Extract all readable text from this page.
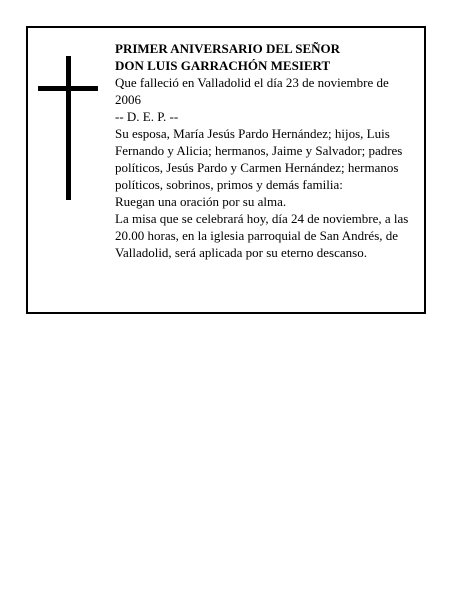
PRIMER ANIVERSARIO DEL SEÑOR
DON LUIS GARRACHÓN MESIERT
Que falleció en Valladolid el día 23 de noviembre de 2006
-- D. E. P. --
Su esposa, María Jesús Pardo Hernández; hijos, Luis Fernando y Alicia; hermanos, Jaime y Salvador; padres políticos, Jesús Pardo y Carmen Hernández; hermanos políticos, sobrinos, primos y demás familia:
Ruegan una oración por su alma.
La misa que se celebrará hoy, día 24 de noviembre, a las 20.00 horas, en la iglesia parroquial de San Andrés, de Valladolid, será aplicada por su eterno descanso.
